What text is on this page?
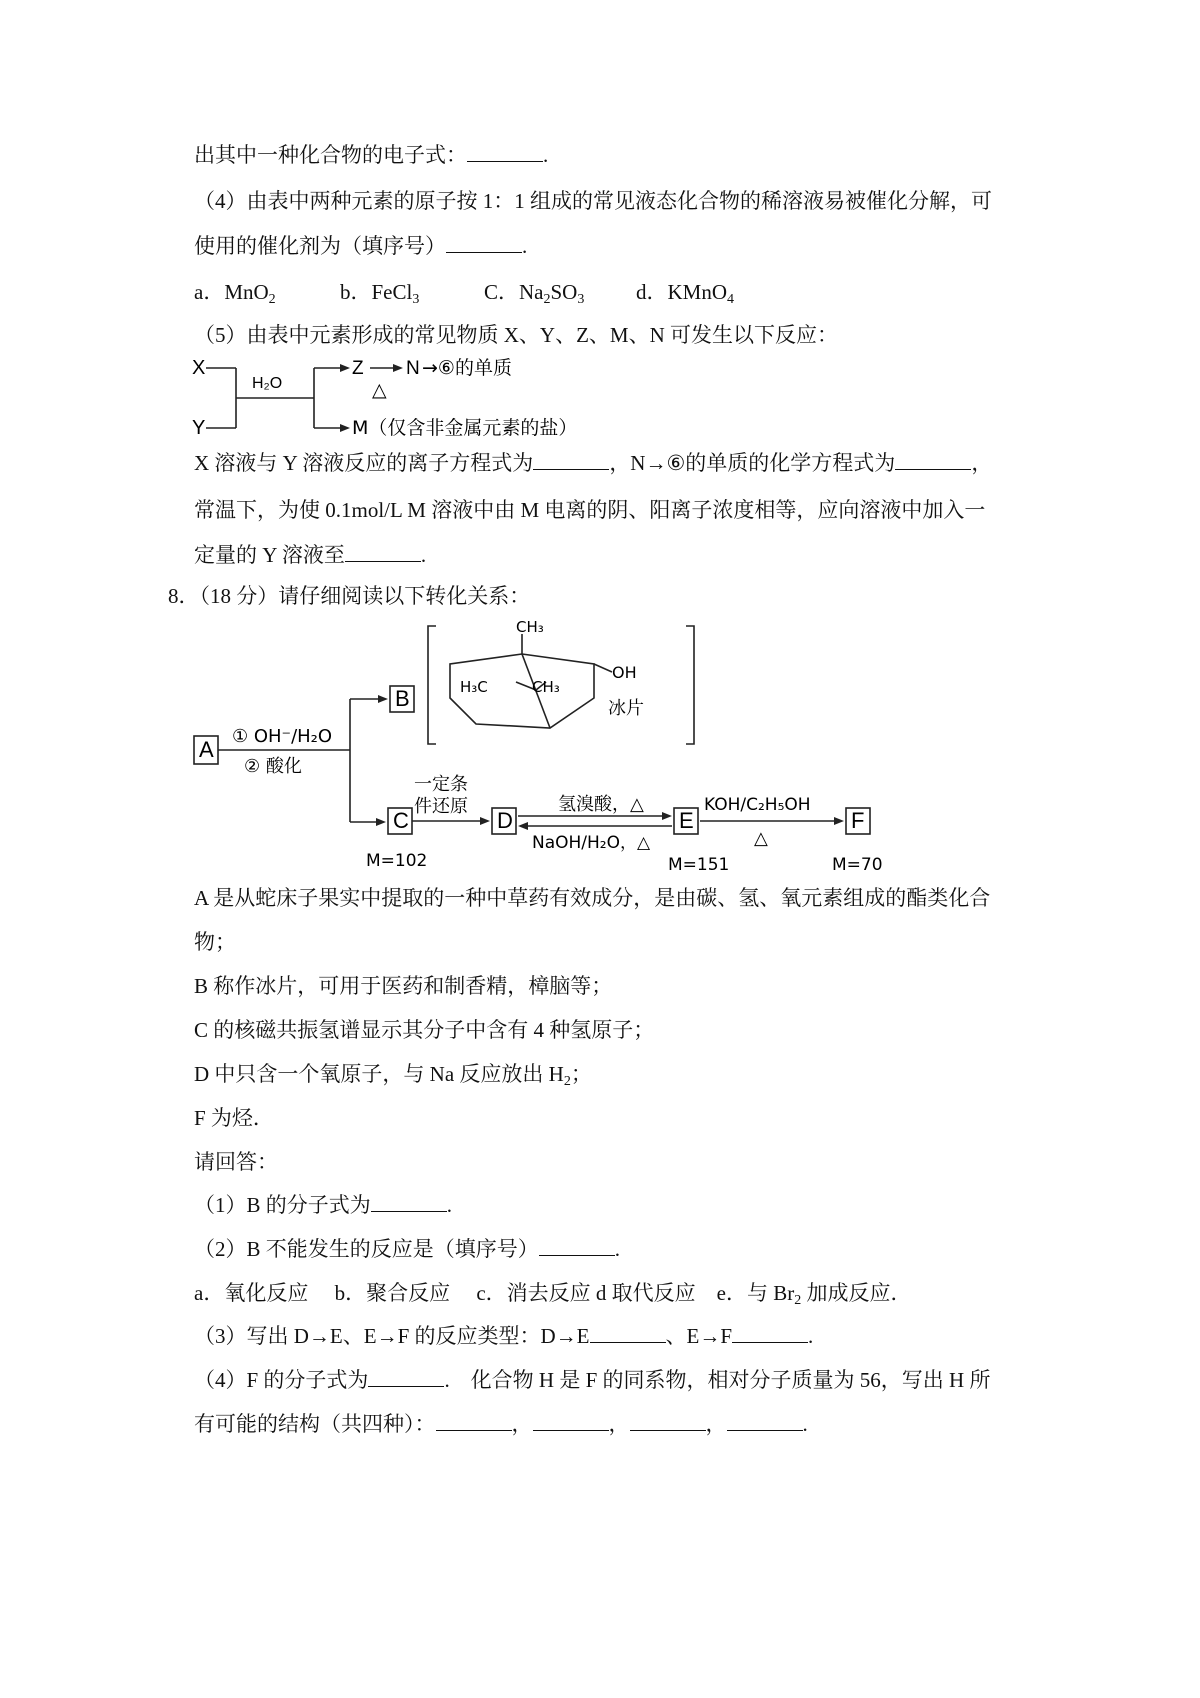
出其中一种化合物的电子式：	.
（4）由表中两种元素的原子按 1：1 组成的常见液态化合物的稀溶液易被催化分解，可
使用的催化剂为（填序号）	.
a．MnO$_2$	b．FeCl$_3$	C．$Na_2SO_3$ d．KMnO$_4$
（5）由表中元素形成的常见物质 X、Y、Z、M、N 可发生以下反应：
X
Y
H₂O
Z
△
N →⑥的单质
M（仅含非金属元素的盐）
X 溶液与 Y 溶液反应的离子方程式为	，N→⑥的单质的化学方程式为	，
常温下，为使 0.1mol/L M 溶液中由 M 电离的阴、阳离子浓度相等，应向溶液中加入一
定量的 Y 溶液至	.
8．（18 分）请仔细阅读以下转化关系：
A
B
C	D	E	F
① OH⁻/H₂O
② 酸化
一定条
件还原	氢溴酸，△
NaOH/H₂O，△
KOH/C₂H₅OH
△
M=102	M=151	M=70
CH₃
H₃C	CH₃
OH
冰片
A 是从蛇床子果实中提取的一种中草药有效成分，是由碳、氢、氧元素组成的酯类化合
物；
B 称作冰片，可用于医药和制香精，樟脑等；
C 的核磁共振氢谱显示其分子中含有 4 种氢原子；
D 中只含一个氧原子，与 Na 反应放出 $H_2$；
F 为烃．
请回答：
（1）B 的分子式为	.
（2）B 不能发生的反应是（填序号）	.
a．氧化反应　 b．聚合反应　 c．消去反应 d 取代反应　e．与 $Br_2$ 加成反应．
（3）写出 D→E、E→F 的反应类型：D→E	、E→F	.
（4）F 的分子式为	.　化合物 H 是 F 的同系物，相对分子质量为 56，写出 H 所
有可能的结构（共四种）：	，	，	，	.
